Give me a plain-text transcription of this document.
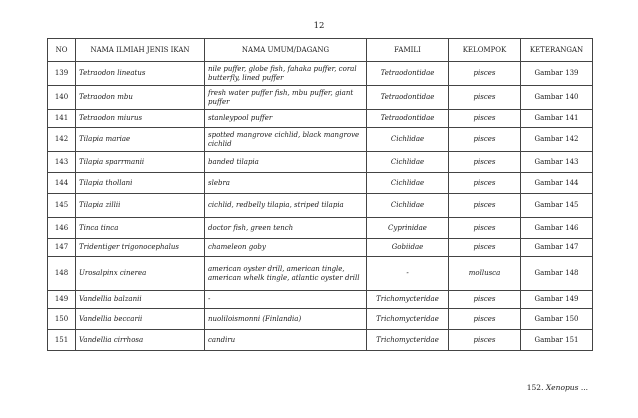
12
NO	NAMA ILMIAH JENIS IKAN	NAMA UMUM/DAGANG	FAMILI	KELOMPOK	KETERANGAN
139	Tetraodon lineatus	nile puffer, globe fish, fahaka puffer, coral butterfly, lined puffer	Tetraodontidae	pisces	Gambar 139
140	Tetraodon mbu	fresh water puffer fish, mbu puffer, giant puffer	Tetraodontidae	pisces	Gambar 140
141	Tetraodon miurus	stanleypool puffer	Tetraodontidae	pisces	Gambar 141
142	Tilapia mariae	spotted mangrove cichlid, black mangrove cichlid	Cichlidae	pisces	Gambar 142
143	Tilapia sparrmanii	banded tilapia	Cichlidae	pisces	Gambar 143
144	Tilapia thollani	slebra	Cichlidae	pisces	Gambar 144
145	Tilapia zillii	cichlid, redbelly tilapia, striped tilapia	Cichlidae	pisces	Gambar 145
146	Tinca tinca	doctor fish, green tench	Cyprinidae	pisces	Gambar 146
147	Tridentiger trigonocephalus	chameleon goby	Gobiidae	pisces	Gambar 147
148	Urosalpinx cinerea	american oyster drill, american tingle, american whelk tingle, atlantic oyster drill	-	mollusca	Gambar 148
149	Vandellia balzanii	-	Trichomycteridae	pisces	Gambar 149
150	Vandellia beccarii	nuoliloismonni (Finlandia)	Trichomycteridae	pisces	Gambar 150
151	Vandellia cirrhosa	candiru	Trichomycteridae	pisces	Gambar 151
152. Xenopus ...
